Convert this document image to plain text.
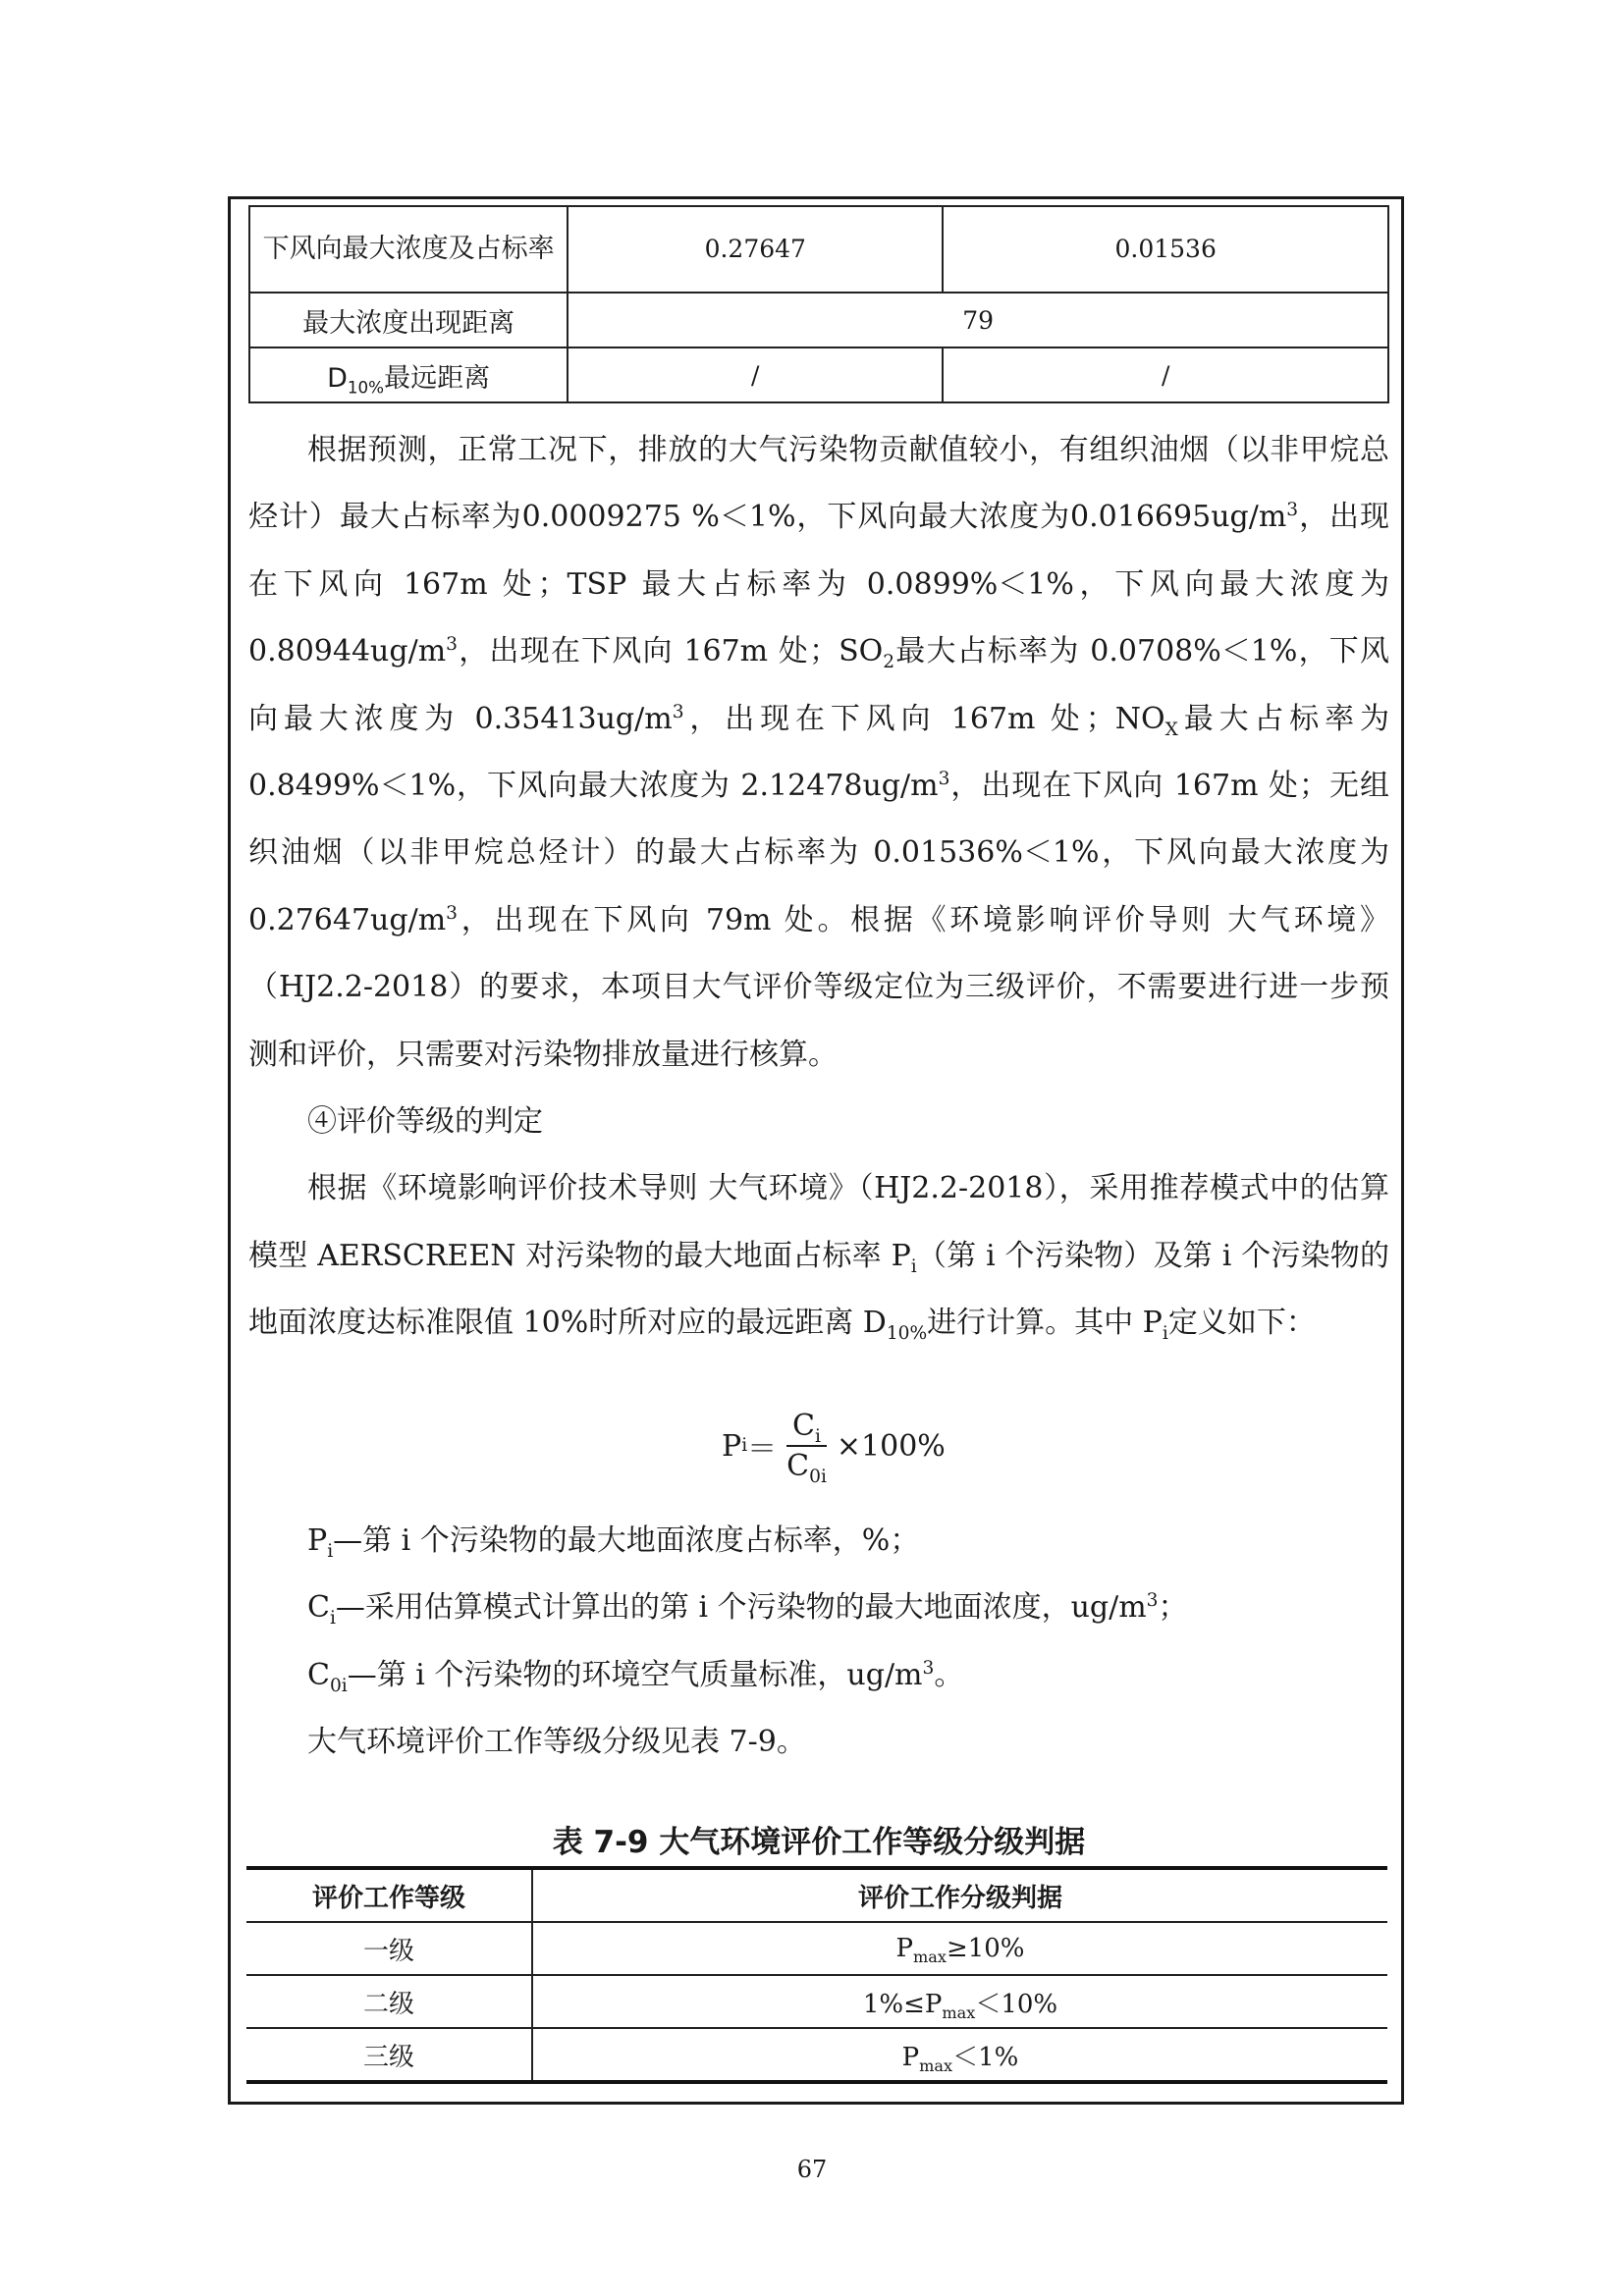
下风向最大浓度及占标率	0.27647	0.01536
最大浓度出现距离	79	
$D_{10\%}$最远距离	/	/

根据预测，正常工况下，排放的大气污染物贡献值较小，有组织油烟（以非甲烷总烃计）最大占标率为0.0009275 %＜1%，下风向最大浓度为$0.016695ug/m^3$，出现在下风向 167m 处；TSP 最大占标率为 0.0899%＜1%，下风向最大浓度为$0.80944ug/m^3$，出现在下风向 167m 处；$SO_2$最大占标率为 0.0708%＜1%，下风向最大浓度为 $0.35413ug/m^3$，出现在下风向 167m 处；$NO_X$最大占标率为 0.8499%＜1%，下风向最大浓度为 $2.12478ug/m^3$，出现在下风向 167m 处；无组织油烟（以非甲烷总烃计）的最大占标率为 0.01536%＜1%，下风向最大浓度为$0.27647ug/m^3$，出现在下风向 79m 处。根据《环境影响评价导则 大气环境》（HJ2.2-2018）的要求，本项目大气评价等级定位为三级评价，不需要进行进一步预测和评价，只需要对污染物排放量进行核算。

④评价等级的判定

根据《环境影响评价技术导则 大气环境》（HJ2.2-2018），采用推荐模式中的估算模型 AERSCREEN 对污染物的最大地面占标率 $P_i$（第 i 个污染物）及第 i 个污染物的地面浓度达标准限值 10%时所对应的最远距离 $D_{10\%}$进行计算。其中 $P_i$定义如下：

P $i = \frac{C_i}{C_{0i}} \times 100\%$

$P_i—$第 i 个污染物的最大地面浓度占标率，%；

$C_i—$采用估算模式计算出的第 i 个污染物的最大地面浓度，$ug/m^3$；

$C_{0i}—$第 i 个污染物的环境空气质量标准，$ug/m^3$。

大气环境评价工作等级分级见表 7-9。

表 7-9 大气环境评价工作等级分级判据
评价工作等级	评价工作分级判据
一级	$P_{max}\ge 10\%$
二级	$1\%\le P_{max}<10\%$
三级	$P_{max}<1\%$
67
